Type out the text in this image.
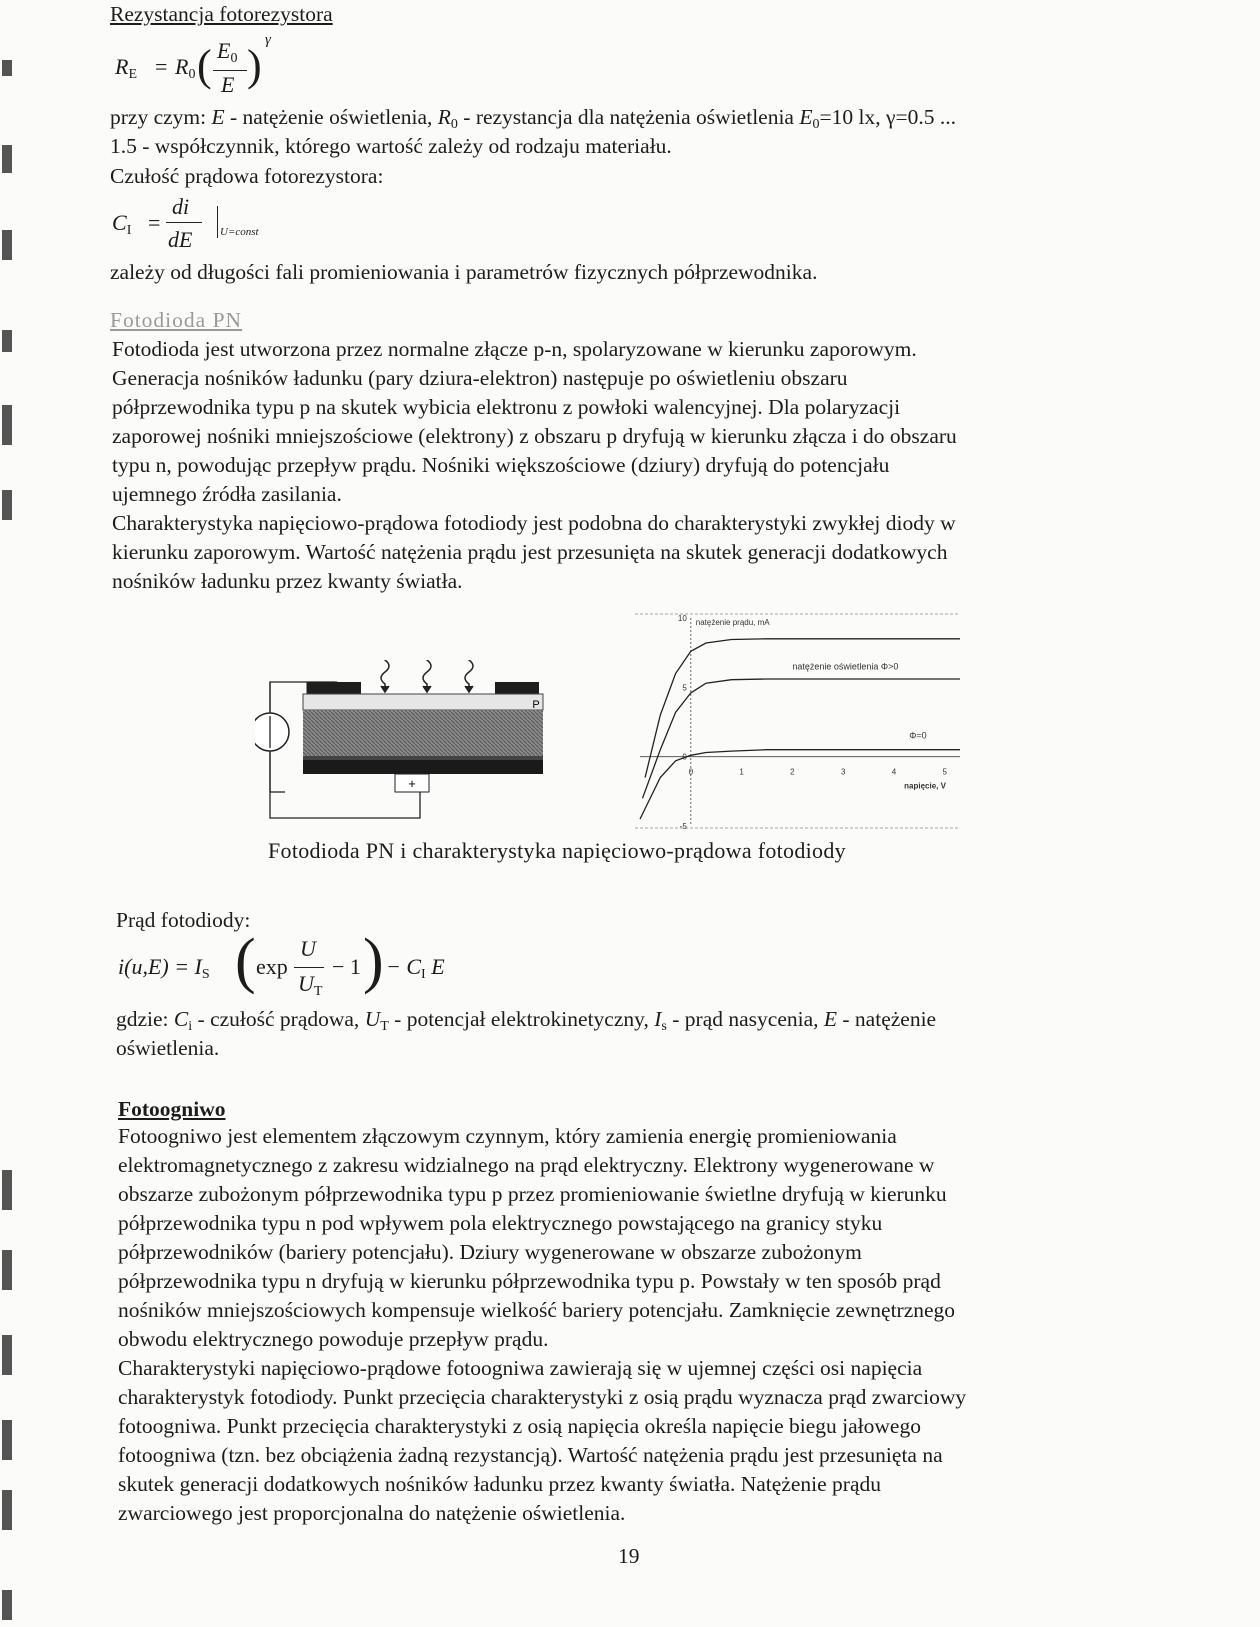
Rezystancja fotorezystora
$R_E = R_0$ ( $E_0$
E )
γ
przy czym: E - natężenie oświetlenia, $R_0$ - rezystancja dla natężenia oświetlenia $E_0=10$ lx, γ=0.5 ...
1.5 - współczynnik, którego wartość zależy od rodzaju materiału.
Czułość prądowa fotorezystora:
$C_I$ =
di
dE	U=const
zależy od długości fali promieniowania i parametrów fizycznych półprzewodnika.
Fotodioda PN
Fotodioda jest utworzona przez normalne złącze p-n, spolaryzowane w kierunku zaporowym.
Generacja nośników ładunku (pary dziura-elektron) następuje po oświetleniu obszaru
półprzewodnika typu p na skutek wybicia elektronu z powłoki walencyjnej. Dla polaryzacji
zaporowej nośniki mniejszościowe (elektrony) z obszaru p dryfują w kierunku złącza i do obszaru
typu n, powodując przepływ prądu. Nośniki większościowe (dziury) dryfują do potencjału
ujemnego źródła zasilania.
Charakterystyka napięciowo-prądowa fotodiody jest podobna do charakterystyki zwykłej diody w
kierunku zaporowym. Wartość natężenia prądu jest przesunięta na skutek generacji dodatkowych
nośników ładunku przez kwanty światła.
P
+
10
5
0
-5
0	1	2	3	4	5
natężenie prądu, mA
natężenie oświetlenia Φ>0
Φ=0
napięcie, V
Fotodioda PN i charakterystyka napięciowo-prądowa fotodiody
Prąd fotodiody:
$i(u,E) = I_S$ ( exp
U
$U_T$
− 1 ) − $C_I$ E
gdzie: $C_i$ - czułość prądowa, $U_T$ - potencjał elektrokinetyczny, $I_s$ - prąd nasycenia, E - natężenie
oświetlenia.
Fotoogniwo
Fotoogniwo jest elementem złączowym czynnym, który zamienia energię promieniowania
elektromagnetycznego z zakresu widzialnego na prąd elektryczny. Elektrony wygenerowane w
obszarze zubożonym półprzewodnika typu p przez promieniowanie świetlne dryfują w kierunku
półprzewodnika typu n pod wpływem pola elektrycznego powstającego na granicy styku
półprzewodników (bariery potencjału). Dziury wygenerowane w obszarze zubożonym
półprzewodnika typu n dryfują w kierunku półprzewodnika typu p. Powstały w ten sposób prąd
nośników mniejszościowych kompensuje wielkość bariery potencjału. Zamknięcie zewnętrznego
obwodu elektrycznego powoduje przepływ prądu.
Charakterystyki napięciowo-prądowe fotoogniwa zawierają się w ujemnej części osi napięcia
charakterystyk fotodiody. Punkt przecięcia charakterystyki z osią prądu wyznacza prąd zwarciowy
fotoogniwa. Punkt przecięcia charakterystyki z osią napięcia określa napięcie biegu jałowego
fotoogniwa (tzn. bez obciążenia żadną rezystancją). Wartość natężenia prądu jest przesunięta na
skutek generacji dodatkowych nośników ładunku przez kwanty światła. Natężenie prądu
zwarciowego jest proporcjonalna do natężenie oświetlenia.
19
